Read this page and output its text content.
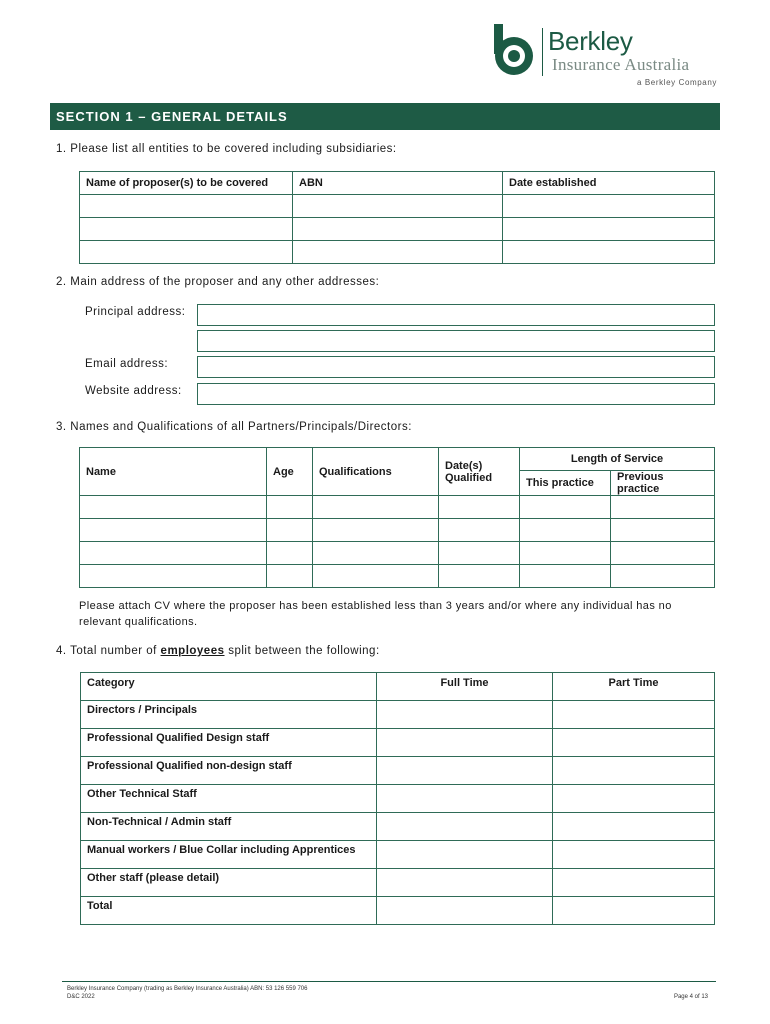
Berkley
Insurance Australia
a Berkley Company
SECTION 1 – GENERAL DETAILS
1. Please list all entities to be covered including subsidiaries:
Name of proposer(s) to be covered	ABN	Date established

2. Main address of the proposer and any other addresses:
Principal address:
Email address:
Website address:
3. Names and Qualifications of all Partners/Principals/Directors:
Name	Age	Qualifications	Date(s) Qualified	Length of Service	
				This practice	Previous practice

Please attach CV where the proposer has been established less than 3 years and/or where any individual has no relevant qualifications.
4. Total number of employees split between the following:
Category	Full Time	Part Time
Directors / Principals		
Professional Qualified Design staff		
Professional Qualified non-design staff		
Other Technical Staff		
Non-Technical / Admin staff		
Manual workers / Blue Collar including Apprentices		
Other staff (please detail)		
Total		
Berkley Insurance Company (trading as Berkley Insurance Australia) ABN: 53 126 559 706
D&C 2022	Page 4 of 13
